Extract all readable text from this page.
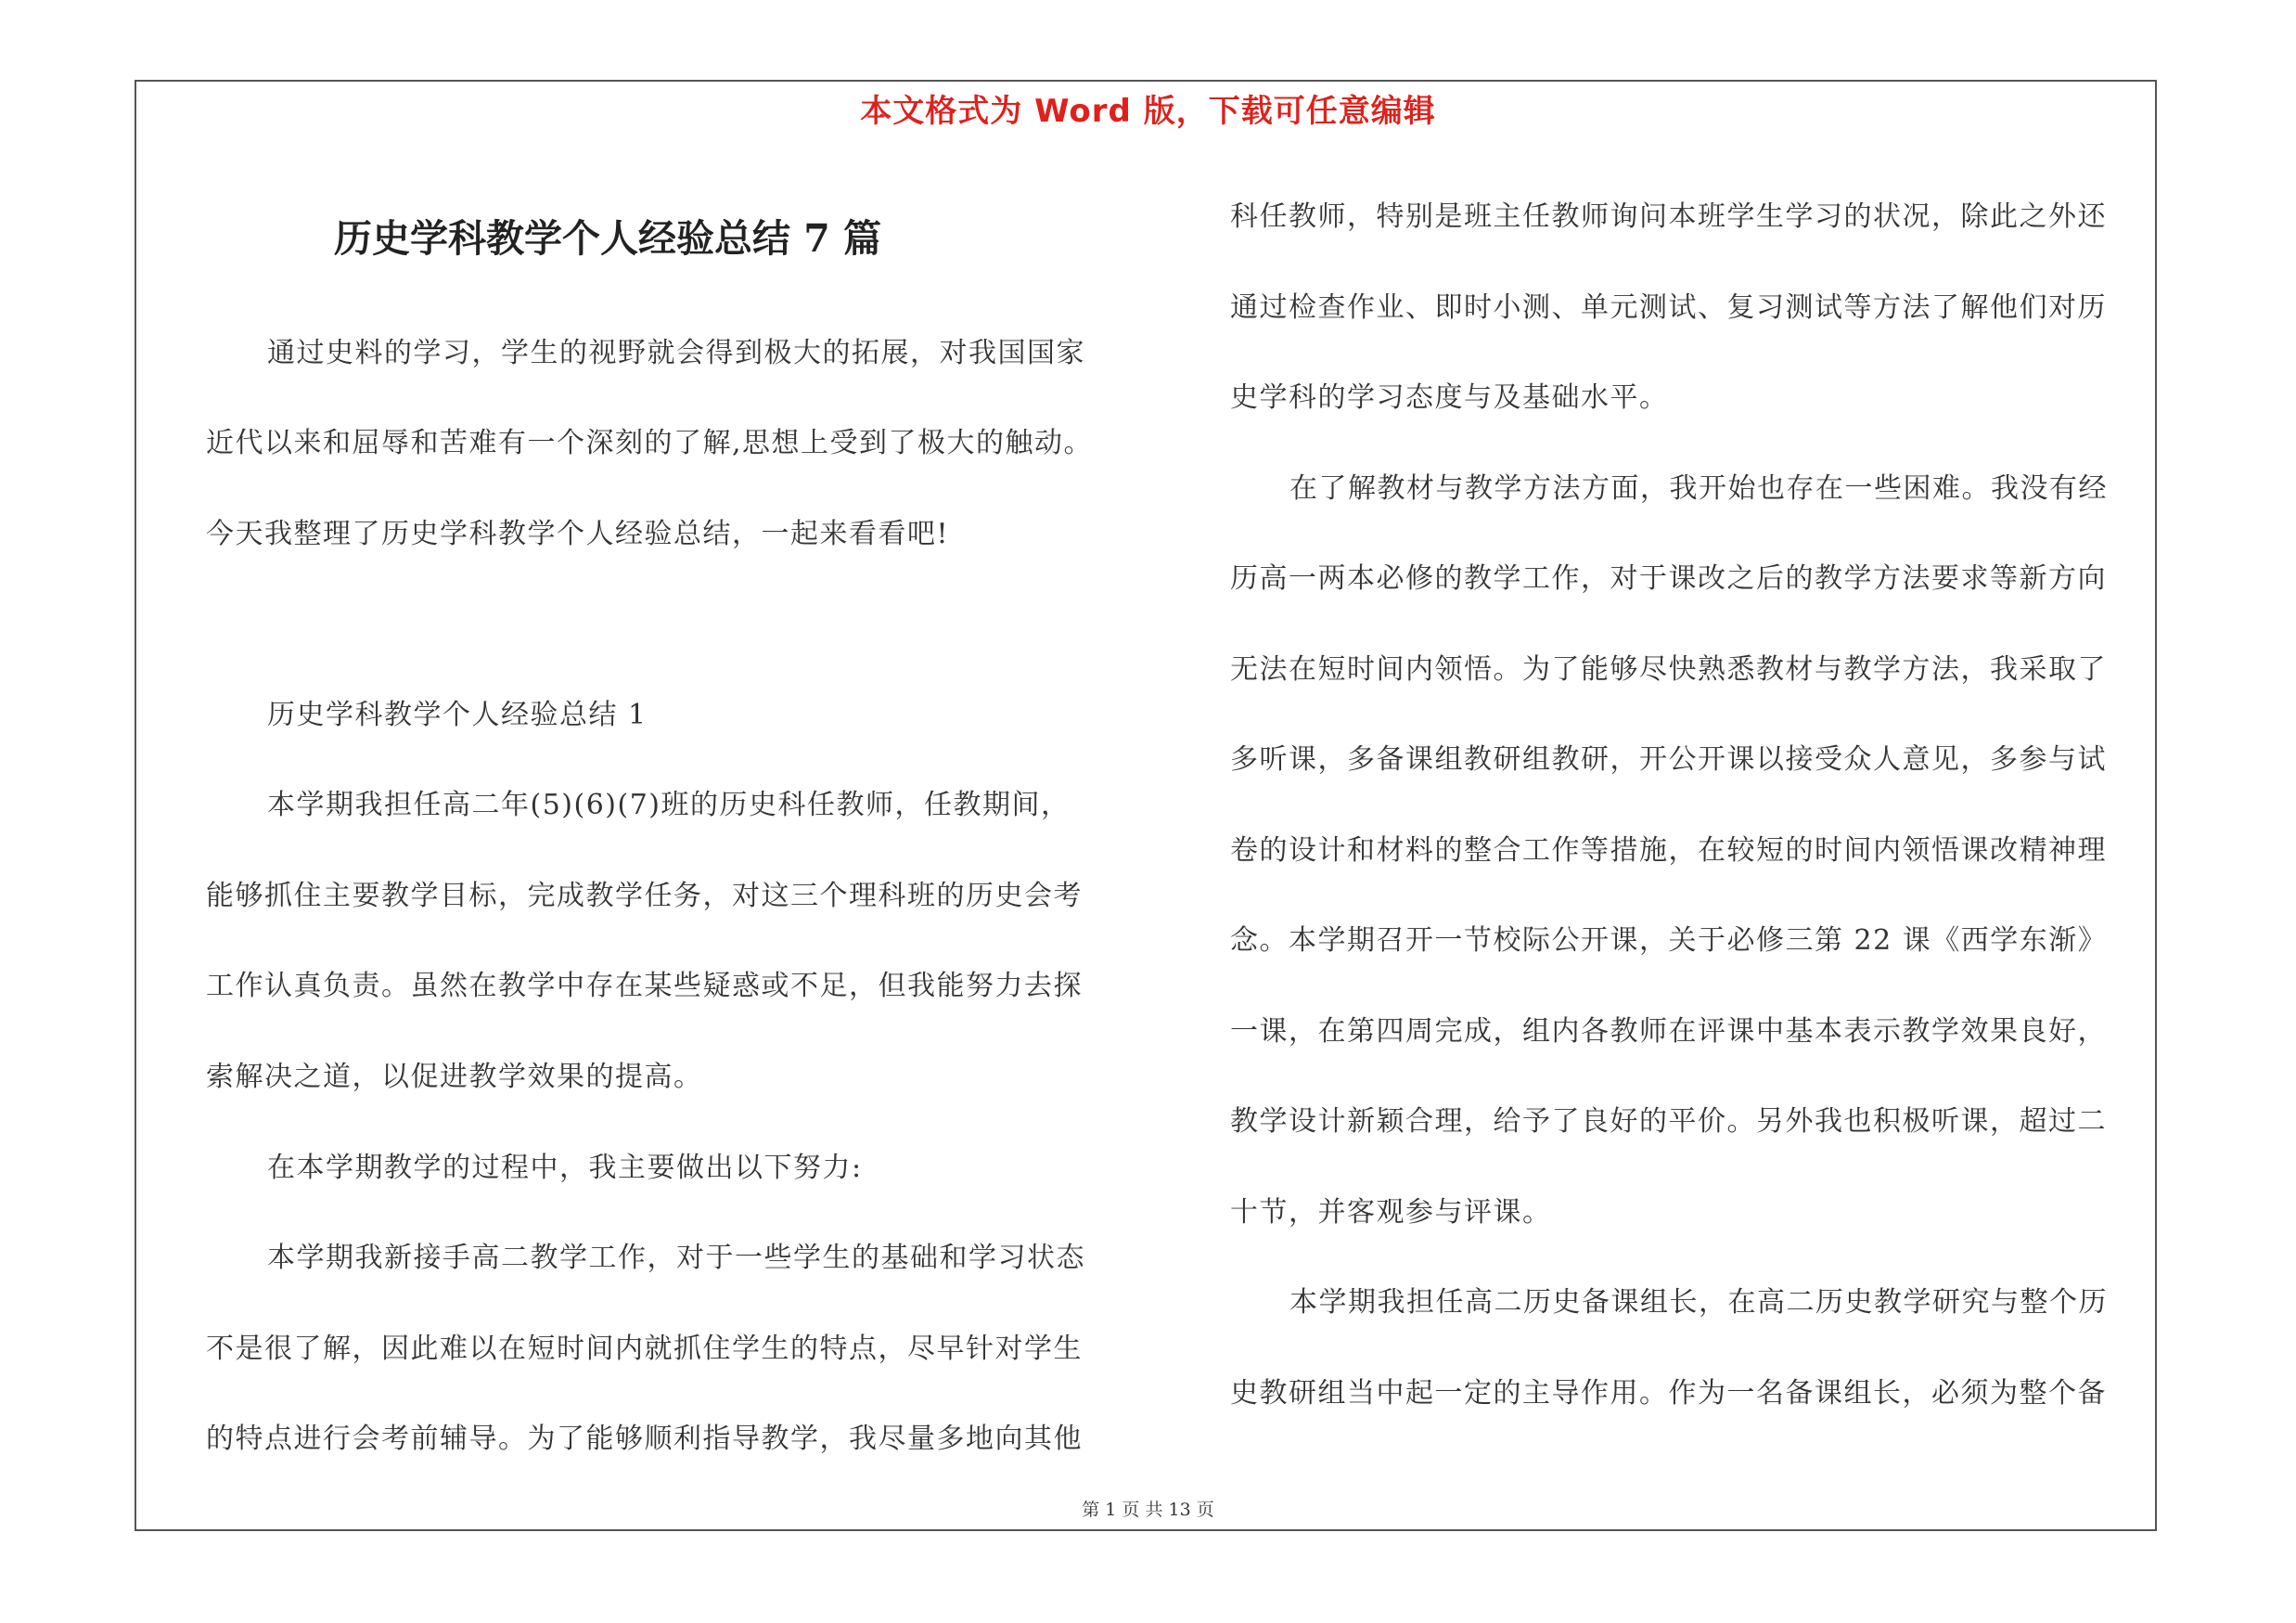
本文格式为 Word 版，下载可任意编辑
历史学科教学个人经验总结 7 篇
通过史料的学习，学生的视野就会得到极大的拓展，对我国国家
近代以来和屈辱和苦难有一个深刻的了解,思想上受到了极大的触动。
今天我整理了历史学科教学个人经验总结，一起来看看吧!
历史学科教学个人经验总结 1
本学期我担任高二年(5)(6)(7)班的历史科任教师，任教期间，
能够抓住主要教学目标，完成教学任务，对这三个理科班的历史会考
工作认真负责。虽然在教学中存在某些疑惑或不足，但我能努力去探
索解决之道，以促进教学效果的提高。
在本学期教学的过程中，我主要做出以下努力:
本学期我新接手高二教学工作，对于一些学生的基础和学习状态
不是很了解，因此难以在短时间内就抓住学生的特点，尽早针对学生
的特点进行会考前辅导。为了能够顺利指导教学，我尽量多地向其他
科任教师，特别是班主任教师询问本班学生学习的状况，除此之外还
通过检查作业、即时小测、单元测试、复习测试等方法了解他们对历
史学科的学习态度与及基础水平。
在了解教材与教学方法方面，我开始也存在一些困难。我没有经
历高一两本必修的教学工作，对于课改之后的教学方法要求等新方向
无法在短时间内领悟。为了能够尽快熟悉教材与教学方法，我采取了
多听课，多备课组教研组教研，开公开课以接受众人意见，多参与试
卷的设计和材料的整合工作等措施，在较短的时间内领悟课改精神理
念。本学期召开一节校际公开课，关于必修三第 22 课《西学东渐》
一课，在第四周完成，组内各教师在评课中基本表示教学效果良好，
教学设计新颖合理，给予了良好的平价。另外我也积极听课，超过二
十节，并客观参与评课。
本学期我担任高二历史备课组长，在高二历史教学研究与整个历
史教研组当中起一定的主导作用。作为一名备课组长，必须为整个备
第 1 页 共 13 页
